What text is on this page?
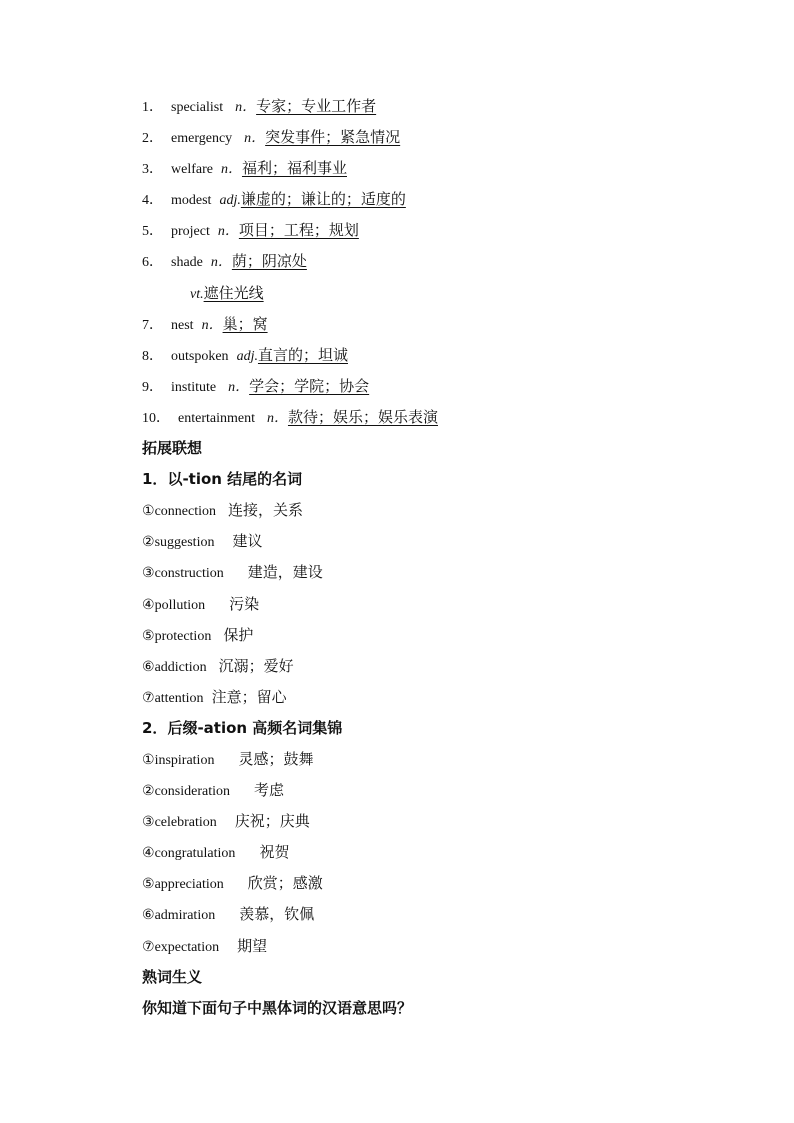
1． specialist n．专家；专业工作者
2． emergency n．突发事件；紧急情况
3． welfare n．福利；福利事业
4． modest adj.谦虚的；谦让的；适度的
5． project n．项目；工程；规划
6． shade n．荫；阴凉处
vt.遮住光线
7． nest n．巢；窝
8． outspoken adj.直言的；坦诚
9． institute n．学会；学院；协会
10． entertainment n．款待；娱乐；娱乐表演
拓展联想
1．以-tion 结尾的名词
①connection 连接，关系
②suggestion 建议
③construction 建造，建设
④pollution 污染
⑤protection 保护
⑥addiction 沉溺；爱好
⑦attention 注意；留心
2．后缀-ation 高频名词集锦
①inspiration 灵感；鼓舞
②consideration 考虑
③celebration 庆祝；庆典
④congratulation 祝贺
⑤appreciation 欣赏；感激
⑥admiration 羡慕，钦佩
⑦expectation 期望
熟词生义
你知道下面句子中黑体词的汉语意思吗？
